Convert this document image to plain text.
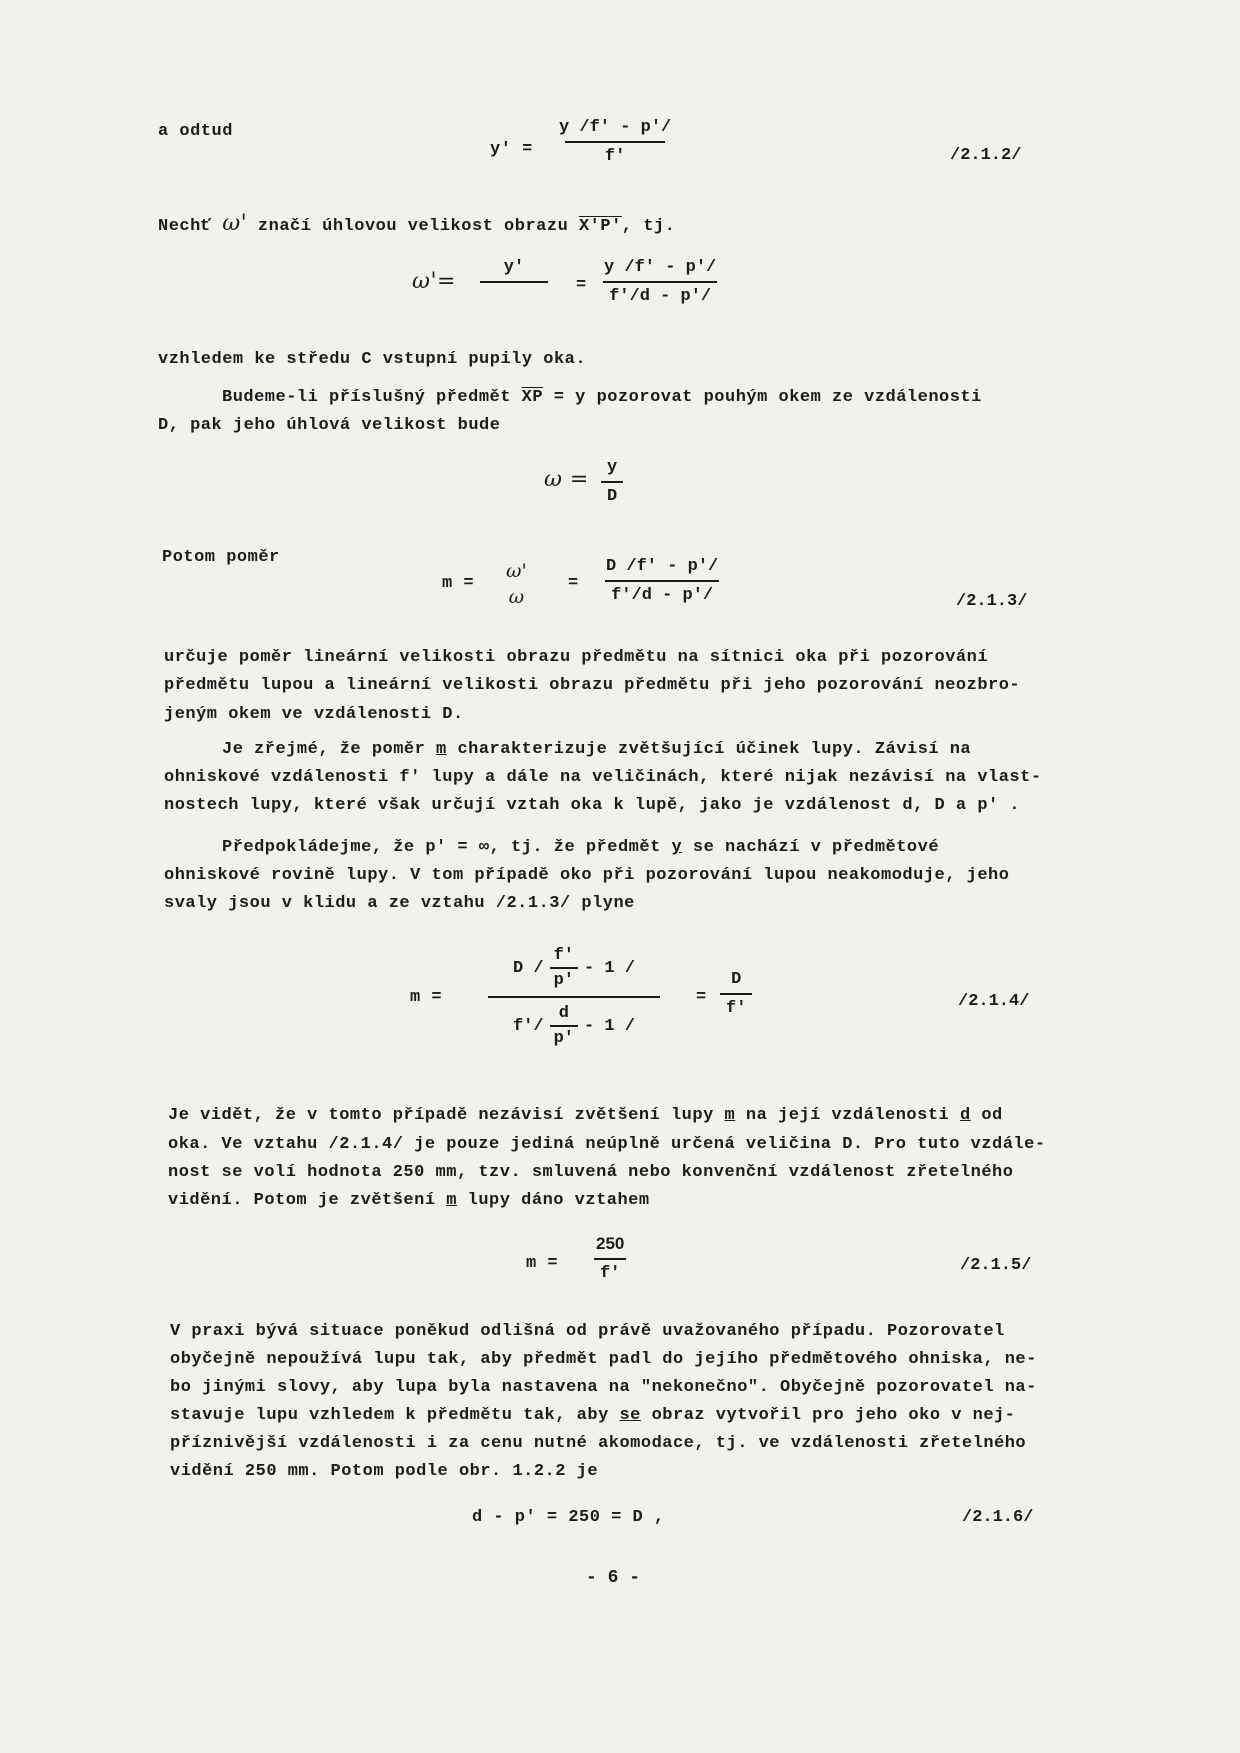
a odtud
$y' = \frac{y /f' - p'/}{f'}$	/2.1.2/
Nechť ω' značí úhlovou velikost obrazu X'P', tj.
ω'=
y'
= $\frac{y /f' - p'/}{f'/d - p'/}$
vzhledem ke středu C vstupní pupily oka.
Budeme-li příslušný předmět $\overline{XP} = y$ pozorovat pouhým okem ze vzdálenosti
D, pak jeho úhlová velikost bude
$\omega = \frac{y}{D}$
Potom poměr
m =
ω'
ω
= $\frac{D /f' - p'/}{f'/d - p'/}$	/2.1.3/
určuje poměr lineární velikosti obrazu předmětu na sítnici oka při pozorování
předmětu lupou a lineární velikosti obrazu předmětu při jeho pozorování neozbro-
jeným okem ve vzdálenosti D.
Je zřejmé, že poměr m charakterizuje zvětšující účinek lupy. Závisí na
ohniskové vzdálenosti f' lupy a dále na veličinách, které nijak nezávisí na vlast-
nostech lupy, které však určují vztah oka k lupě, jako je vzdálenost d, D a p' .
Předpokládejme, že p' = ∞, tj. že předmět y se nachází v předmětové
ohniskové rovině lupy. V tom případě oko při pozorování lupou neakomoduje, jeho
svaly jsou v klidu a ze vztahu /2.1.3/ plyne
m =
D /
f'
p'
- 1 /
f'/
d
p'
- 1 /
= $\frac{D}{f'}$	/2.1.4/
Je vidět, že v tomto případě nezávisí zvětšení lupy m na její vzdálenosti d od
oka. Ve vztahu /2.1.4/ je pouze jediná neúplně určená veličina D. Pro tuto vzdále-
nost se volí hodnota 250 mm, tzv. smluvená nebo konvenční vzdálenost zřetelného
vidění. Potom je zvětšení m lupy dáno vztahem
$m = \frac{250}{f'}$	/2.1.5/
V praxi bývá situace poněkud odlišná od právě uvažovaného případu. Pozorovatel
obyčejně nepoužívá lupu tak, aby předmět padl do jejího předmětového ohniska, ne-
bo jinými slovy, aby lupa byla nastavena na "nekonečno". Obyčejně pozorovatel na-
stavuje lupu vzhledem k předmětu tak, aby se obraz vytvořil pro jeho oko v nej-
příznivější vzdálenosti i za cenu nutné akomodace, tj. ve vzdálenosti zřetelného
vidění 250 mm. Potom podle obr. 1.2.2 je
d - p' = 250 = D ,	/2.1.6/
- 6 -
